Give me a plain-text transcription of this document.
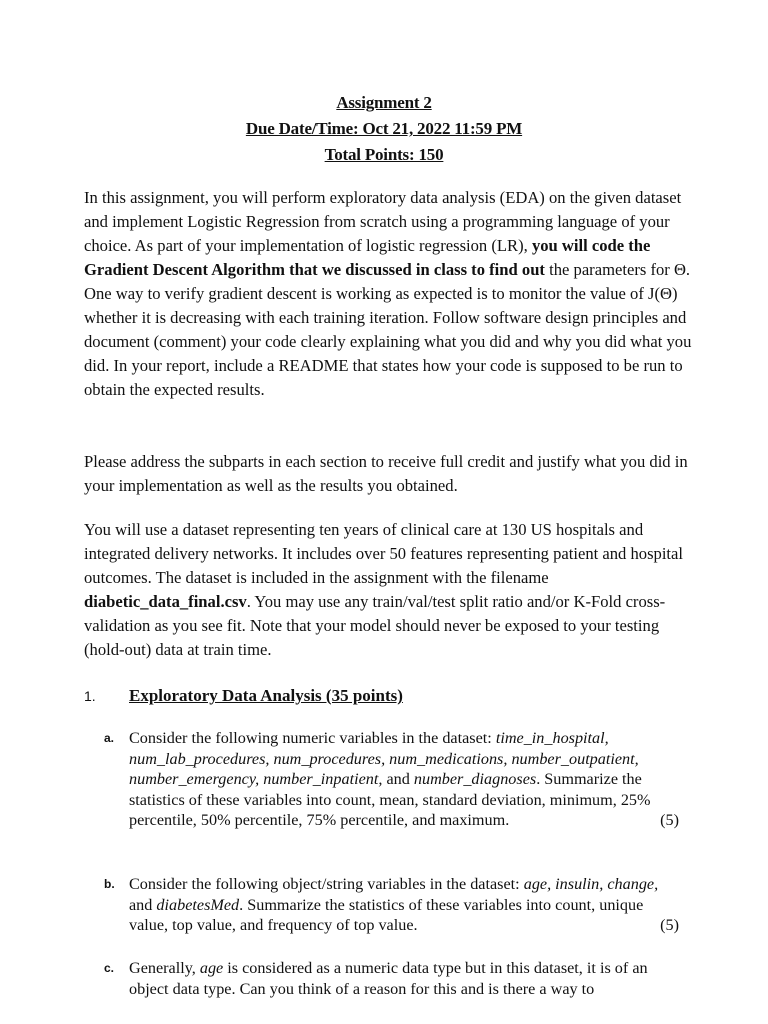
Assignment 2
Due Date/Time: Oct 21, 2022 11:59 PM
Total Points: 150

In this assignment, you will perform exploratory data analysis (EDA) on the given dataset and implement Logistic Regression from scratch using a programming language of your choice. As part of your implementation of logistic regression (LR), you will code the Gradient Descent Algorithm that we discussed in class to find out the parameters for Θ. One way to verify gradient descent is working as expected is to monitor the value of J(Θ) whether it is decreasing with each training iteration. Follow software design principles and document (comment) your code clearly explaining what you did and why you did what you did. In your report, include a README that states how your code is supposed to be run to obtain the expected results.

Please address the subparts in each section to receive full credit and justify what you did in your implementation as well as the results you obtained.

You will use a dataset representing ten years of clinical care at 130 US hospitals and integrated delivery networks. It includes over 50 features representing patient and hospital outcomes. The dataset is included in the assignment with the filename diabetic_data_final.csv. You may use any train/val/test split ratio and/or K-Fold cross-validation as you see fit. Note that your model should never be exposed to your testing (hold-out) data at train time.

1. Exploratory Data Analysis (35 points)
a. Consider the following numeric variables in the dataset: time_in_hospital, num_lab_procedures, num_procedures, num_medications, number_outpatient, number_emergency, number_inpatient, and number_diagnoses. Summarize the statistics of these variables into count, mean, standard deviation, minimum, 25% percentile, 50% percentile, 75% percentile, and maximum.	(5)
b. Consider the following object/string variables in the dataset: age, insulin, change, and diabetesMed. Summarize the statistics of these variables into count, unique value, top value, and frequency of top value.	(5)
c. Generally, age is considered as a numeric data type but in this dataset, it is of an object data type. Can you think of a reason for this and is there a way to
